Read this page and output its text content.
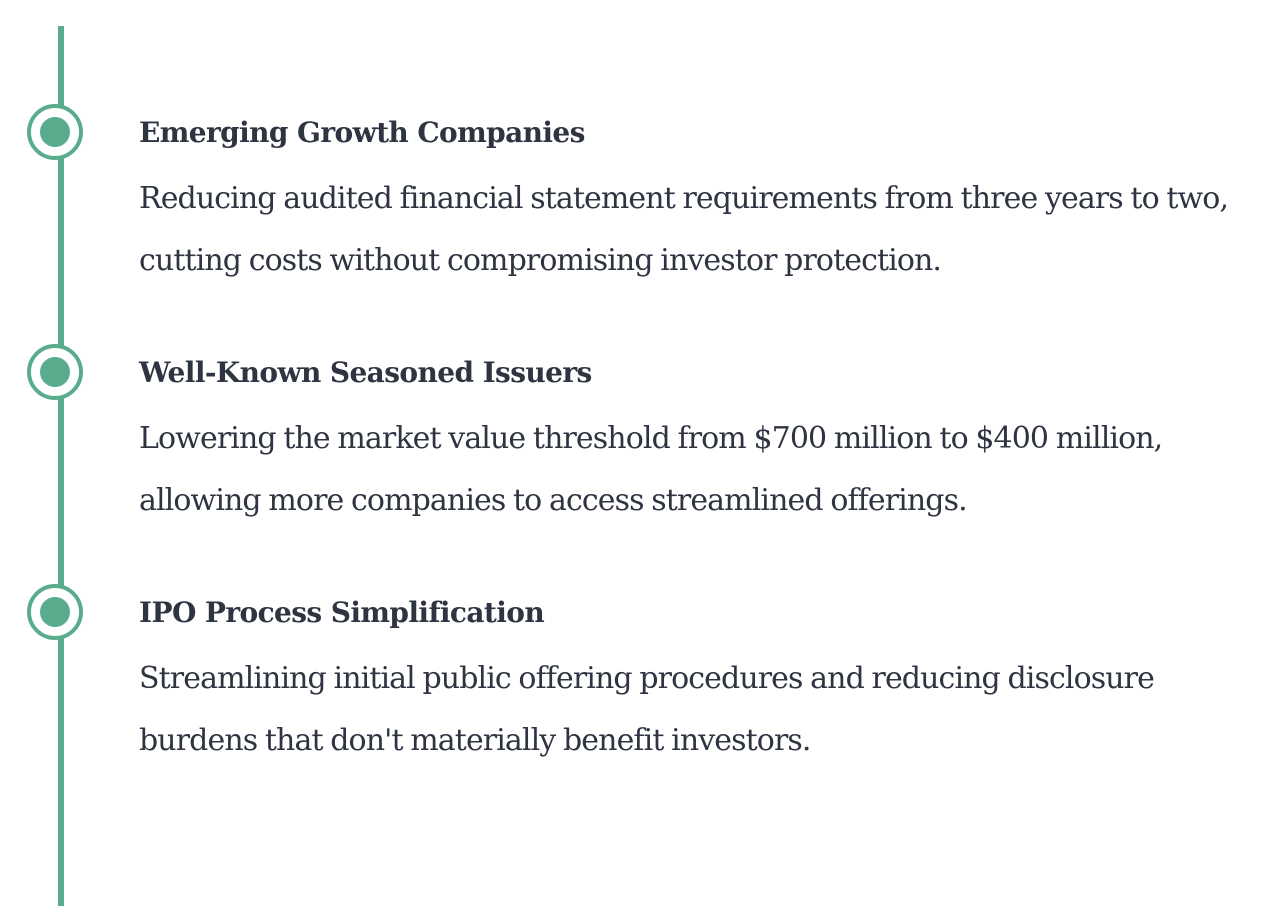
Emerging Growth Companies
Reducing audited financial statement requirements from three years to two, cutting costs without compromising investor protection.
Well-Known Seasoned Issuers
Lowering the market value threshold from $700 million to $400 million, allowing more companies to access streamlined offerings.
IPO Process Simplification
Streamlining initial public offering procedures and reducing disclosure burdens that don't materially benefit investors.
